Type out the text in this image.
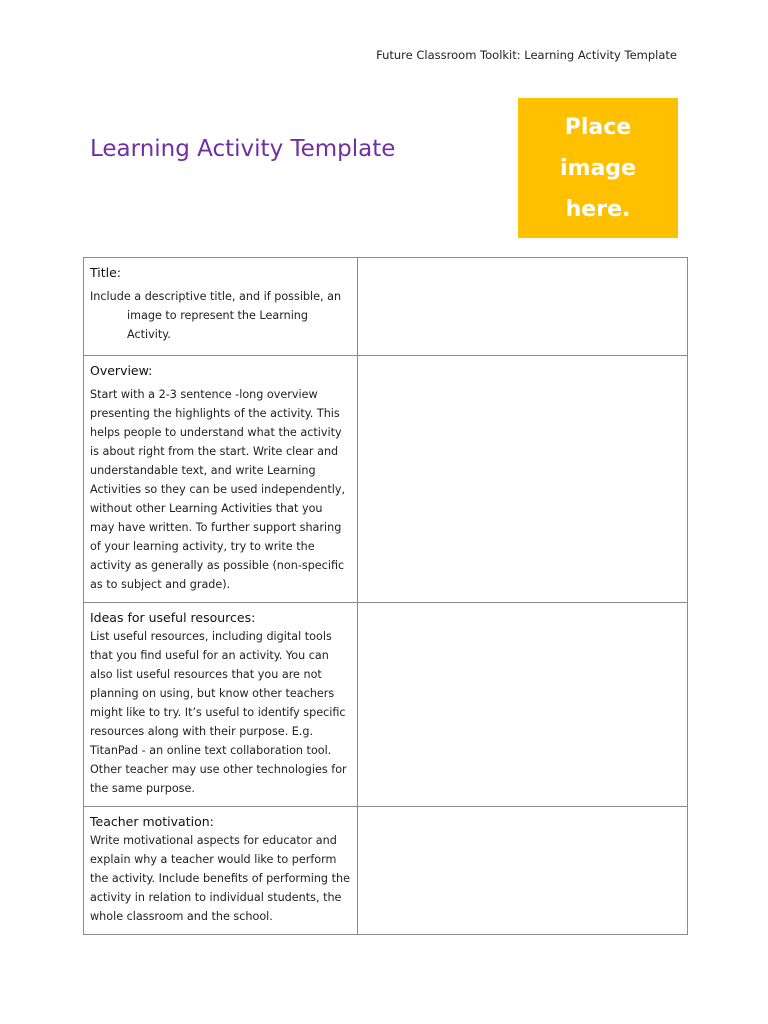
Future Classroom Toolkit: Learning Activity Template
Learning Activity Template
Place
image
here.

Title:

Include a descriptive title, and if possible, an image to represent the Learning Activity.	

Overview:

Start with a 2-3 sentence -long overview presenting the highlights of the activity. This helps people to understand what the activity is about right from the start. Write clear and understandable text, and write Learning Activities so they can be used independently, without other Learning Activities that you may have written. To further support sharing of your learning activity, try to write the activity as generally as possible (non-specific as to subject and grade).	

Ideas for useful resources:

List useful resources, including digital tools that you find useful for an activity. You can also list useful resources that you are not planning on using, but know other teachers might like to try. It’s useful to identify specific resources along with their purpose. E.g. TitanPad - an online text collaboration tool. Other teacher may use other technologies for the same purpose.	

Teacher motivation:

Write motivational aspects for educator and explain why a teacher would like to perform the activity. Include benefits of performing the activity in relation to individual students, the whole classroom and the school.	
